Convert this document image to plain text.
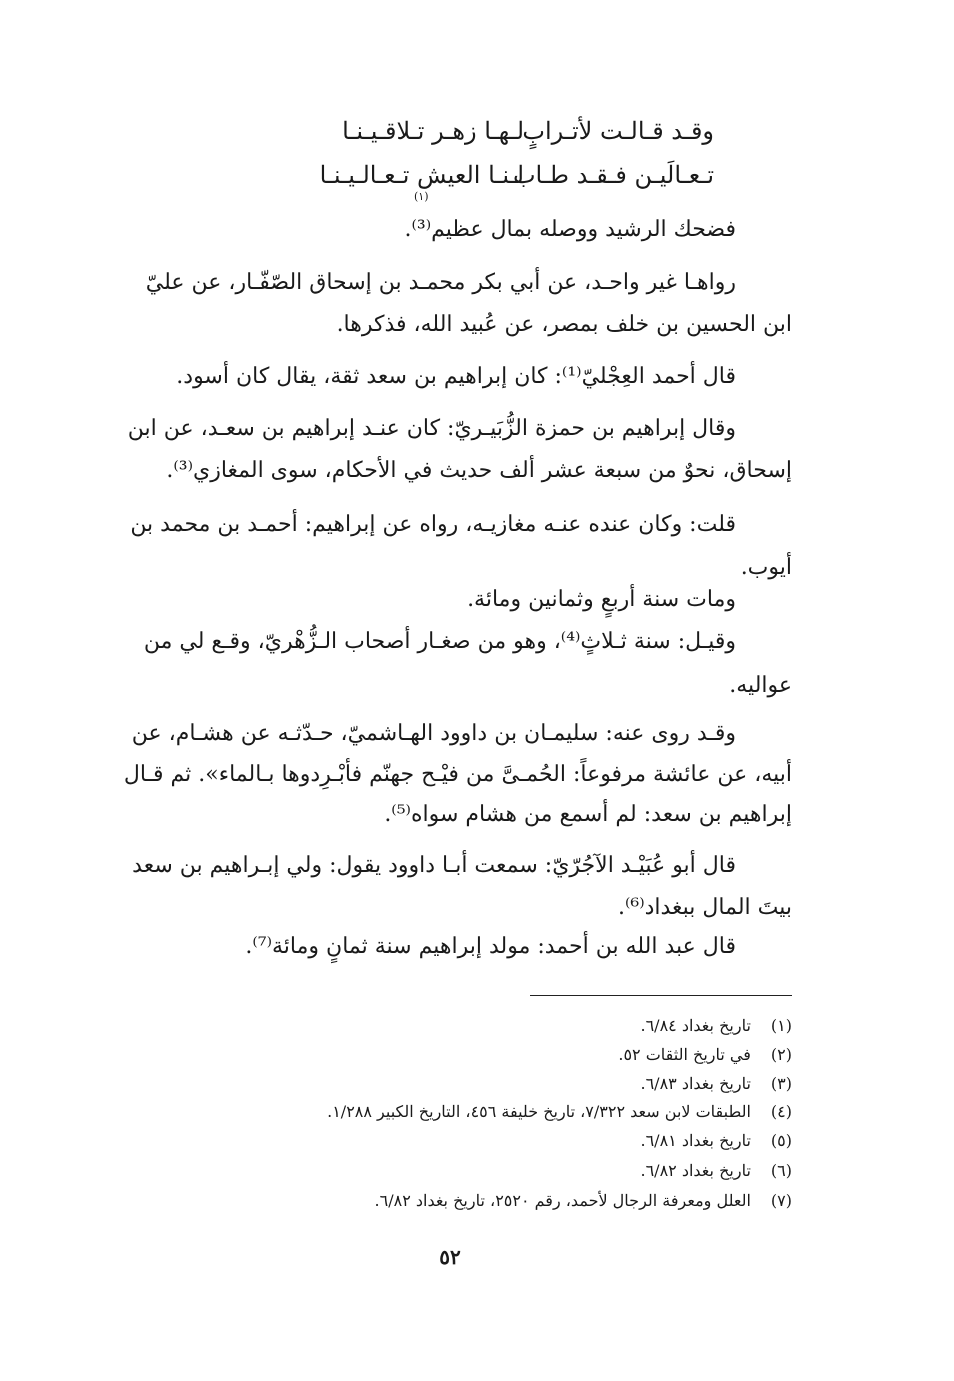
وقـد قـالـت لأتـرابٍ
لـهـا زهـر تـلاقـيـنـا
تـعـالَيـن فـقـد طـاب
لـنـا العيش تـعـالـيـنـا
(١)
فضحك الرشيد ووصله بمال عظيم⁽³⁾.
رواهـا غير واحـد، عن أبي بكر محمـد بن إسحاق الصّفّـار، عن عليّ
ابن الحسين بن خلف بمصر، عن عُبيد الله، فذكرها.
قال أحمد العِجْليّ⁽¹⁾: كان إبراهيم بن سعد ثقة، يقال كان أسود.
وقال إبراهيم بن حمزة الزُّبَيـريّ: كان عنـد إبراهيم بن سعـد، عن ابن
إسحاق، نحوٌ من سبعة عشر ألف حديث في الأحكام، سوى المغازي⁽³⁾.
قلت: وكان عنده عنـه مغازيـه، رواه عن إبراهيم: أحمـد بن محمد بن
أيوب.
ومات سنة أربعٍ وثمانين ومائة.
وقيـل: سنة ثـلاثٍ⁽⁴⁾، وهو من صغـار أصحاب الـزُّهْريّ، وقـع لي من
عواليه.
وقـد روى عنه: سليمـان بن داوود الهـاشميّ، حـدّثـه عن هشـام، عن
أبيه، عن عائشة مرفوعاً: الحُمـىَّ من فيْـح جهنّم فأبْـرِدوها بـالماء». ثم قـال
إبراهيم بن سعد: لم أسمع من هشام سواه⁽⁵⁾.
قال أبو عُبَيْـد الآجُرّيّ: سمعت أبـا داوود يقول: ولي إبـراهيم بن سعد
بيتَ المال ببغداد⁽⁶⁾.
قال عبد الله بن أحمد: مولد إبراهيم سنة ثمانٍ ومائة⁽⁷⁾.
(١) تاريخ بغداد ٦/٨٤.
(٢) في تاريخ الثقات ٥٢.
(٣) تاريخ بغداد ٦/٨٣.
(٤) الطبقات لابن سعد ٧/٣٢٢، تاريخ خليفة ٤٥٦، التاريخ الكبير ١/٢٨٨.
(٥) تاريخ بغداد ٦/٨١.
(٦) تاريخ بغداد ٦/٨٢.
(٧) العلل ومعرفة الرجال لأحمد، رقم ٢٥٢٠، تاريخ بغداد ٦/٨٢.
٥٢
